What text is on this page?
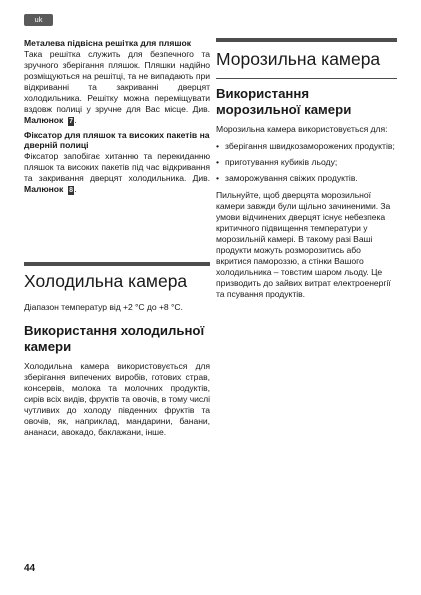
uk
Металева підвісна решітка для пляшок
Така решітка служить для безпечного та зручного зберігання пляшок. Пляшки надійно розміщуються на решітці, та не випадають при відкриванні та закриванні дверцят холодильника. Решітку можна переміщувати вздовж полиці у зручне для Вас місце. Див. Малюнок 7 .
Фіксатор для пляшок та високих пакетів на дверній полиці
Фіксатор запобігає хитанню та перекиданню пляшок та високих пакетів під час відкривання та закривання дверцят холодильника. Див. Малюнок 8 .
Холодильна камера
Діапазон температур від +2 °C до +8 °C.
Використання холодильної камери
Холодильна камера використовується для зберігання випечених виробів, готових страв, консервів, молока та молочних продуктів, сирів всіх видів, фруктів та овочів, в тому числі чутливих до холоду південних фруктів та овочів, як, наприклад, мандарини, банани, ананаси, авокадо, баклажани, інше.
Морозильна камера
Використання морозильної камери
Морозильна камера використовується для:
• зберігання швидкозаморожених продуктів;
• приготування кубиків льоду;
• заморожування свіжих продуктів.
Пильнуйте, щоб дверцята морозильної камери завжди були щільно зачиненими. За умови відчинених дверцят існує небезпека критичного підвищення температури у морозильній камері. В такому разі Ваші продукти можуть розморозитись або вкритися памороззю, а стінки Вашого холодильника – товстим шаром льоду. Це призводить до зайвих витрат електроенергії та псування продуктів.
44
